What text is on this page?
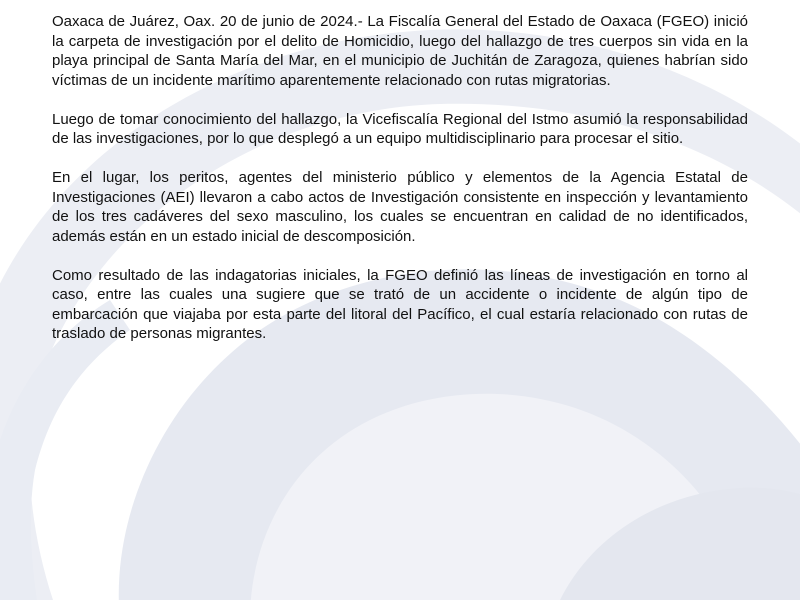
Oaxaca de Juárez, Oax. 20 de junio de 2024.- La Fiscalía General del Estado de Oaxaca (FGEO) inició la carpeta de investigación por el delito de Homicidio, luego del hallazgo de tres cuerpos sin vida en la playa principal de Santa María del Mar, en el municipio de Juchitán de Zaragoza, quienes habrían sido víctimas de un incidente marítimo aparentemente relacionado con rutas migratorias.

Luego de tomar conocimiento del hallazgo, la Vicefiscalía Regional del Istmo asumió la responsabilidad de las investigaciones, por lo que desplegó a un equipo multidisciplinario para procesar el sitio.

En el lugar, los peritos, agentes del ministerio público y elementos de la Agencia Estatal de Investigaciones (AEI) llevaron a cabo actos de Investigación consistente en inspección y levantamiento de los tres cadáveres del sexo masculino, los cuales se encuentran en calidad de no identificados, además están en un estado inicial de descomposición.

Como resultado de las indagatorias iniciales, la FGEO definió las líneas de investigación en torno al caso, entre las cuales una sugiere que se trató de un accidente o incidente de algún tipo de embarcación que viajaba por esta parte del litoral del Pacífico, el cual estaría relacionado con rutas de traslado de personas migrantes.
